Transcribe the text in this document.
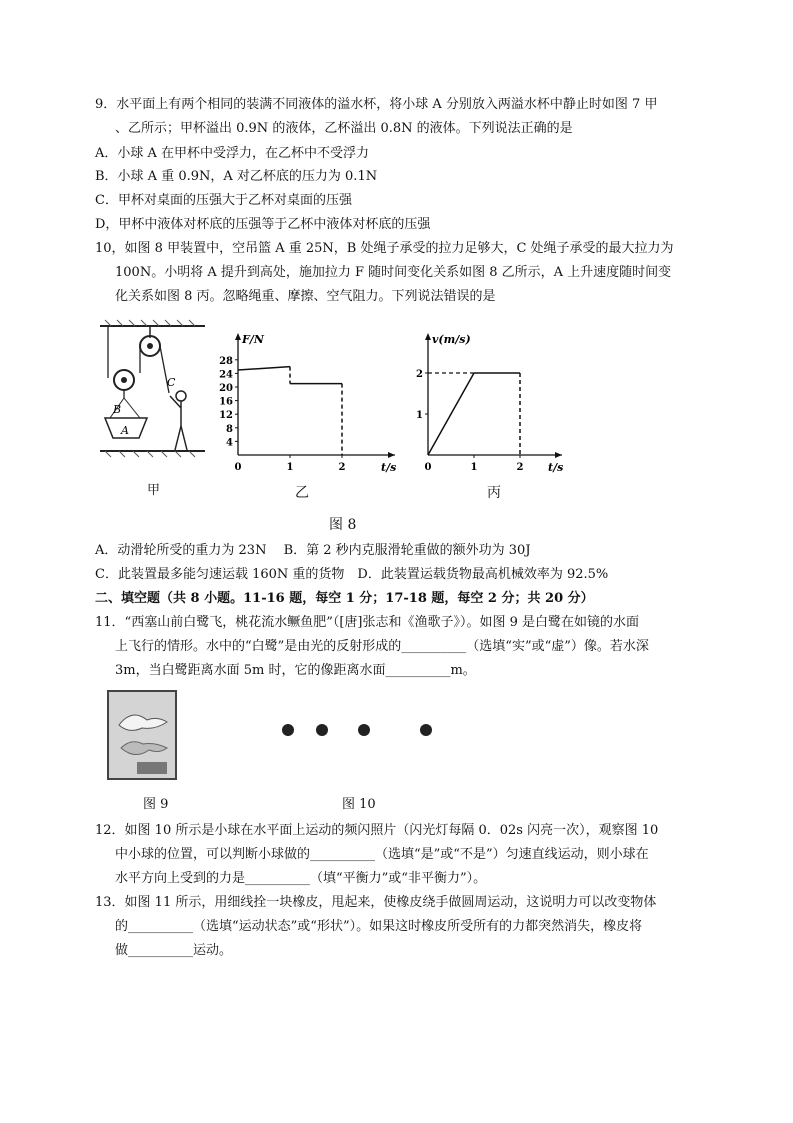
9．水平面上有两个相同的装满不同液体的溢水杯，将小球 A 分别放入两溢水杯中静止时如图 7 甲
、乙所示；甲杯溢出 0.9N 的液体，乙杯溢出 0.8N 的液体。下列说法正确的是
A．小球 A 在甲杯中受浮力，在乙杯中不受浮力
B．小球 A 重 0.9N，A 对乙杯底的压力为 0.1N
C．甲杯对桌面的压强大于乙杯对桌面的压强
D，甲杯中液体对杯底的压强等于乙杯中液体对杯底的压强
10，如图 8 甲装置中，空吊篮 A 重 25N，B 处绳子承受的拉力足够大，C 处绳子承受的最大拉力为
100N。小明将 A 提升到高处，施加拉力 F 随时间变化关系如图 8 乙所示，A 上升速度随时间变
化关系如图 8 丙。忽略绳重、摩擦、空气阻力。下列说法错误的是
B
A
C
甲
F/N
t/s
4
8
12
16
20
24
28
0	1	2
乙
v(m/s)
t/s
1
2
0	1	2
丙
图 8
A．动滑轮所受的重力为 23N　 B．第 2 秒内克服滑轮重做的额外功为 30J
C．此装置最多能匀速运载 160N 重的货物　D．此装置运载货物最高机械效率为 92.5%
二、填空题（共 8 小题。11-16 题，每空 1 分；17-18 题，每空 2 分；共 20 分）
11．“西塞山前白鹭飞，桃花流水鳜鱼肥”（[唐]张志和《渔歌子》）。如图 9 是白鹭在如镜的水面
上飞行的情形。水中的“白鹭”是由光的反射形成的__________（选填“实”或“虚”）像。若水深
3m，当白鹭距离水面 5m 时，它的像距离水面__________m。
图 9	图 10
12．如图 10 所示是小球在水平面上运动的频闪照片（闪光灯每隔 0．02s 闪亮一次），观察图 10
中小球的位置，可以判断小球做的__________（选填“是”或“不是”）匀速直线运动，则小球在
水平方向上受到的力是__________（填“平衡力”或“非平衡力”）。
13．如图 11 所示，用细线拴一块橡皮，甩起来，使橡皮绕手做圆周运动，这说明力可以改变物体
的__________（选填“运动状态”或“形状”）。如果这时橡皮所受所有的力都突然消失，橡皮将
做__________运动。
